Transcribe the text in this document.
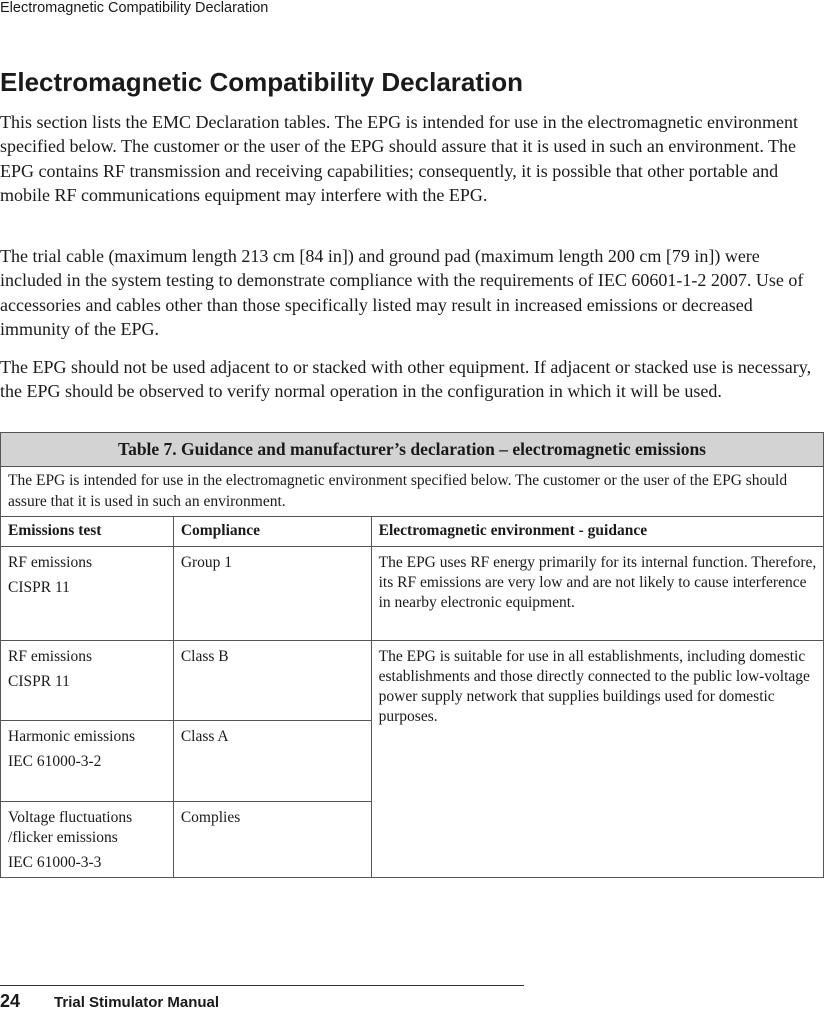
Electromagnetic Compatibility Declaration
Electromagnetic Compatibility Declaration

This section lists the EMC Declaration tables. The EPG is intended for use in the electromagnetic environment specified below. The customer or the user of the EPG should assure that it is used in such an environment. The EPG contains RF transmission and receiving capabilities; consequently, it is possible that other portable and mobile RF communications equipment may interfere with the EPG.

The trial cable (maximum length 213 cm [84 in]) and ground pad (maximum length 200 cm [79 in]) were included in the system testing to demonstrate compliance with the requirements of IEC 60601-1-2 2007. Use of accessories and cables other than those specifically listed may result in increased emissions or decreased immunity of the EPG.

The EPG should not be used adjacent to or stacked with other equipment. If adjacent or stacked use is necessary, the EPG should be observed to verify normal operation in the configuration in which it will be used.

Table 7. Guidance and manufacturer’s declaration – electromagnetic emissions		
The EPG is intended for use in the electromagnetic environment specified below. The customer or the user of the EPG should assure that it is used in such an environment.		
Emissions test	Compliance	Electromagnetic environment - guidance

RF emissions
CISPR 11	Group 1	The EPG uses RF energy primarily for its internal function. Therefore, its RF emissions are very low and are not likely to cause interference in nearby electronic equipment.

RF emissions
CISPR 11	Class B	The EPG is suitable for use in all establishments, including domestic establishments and those directly connected to the public low-voltage power supply network that supplies buildings used for domestic purposes.

Harmonic emissions
IEC 61000-3-2	Class A	

Voltage fluctuations
/flicker emissions
IEC 61000-3-3	Complies	
24 Trial Stimulator Manual
